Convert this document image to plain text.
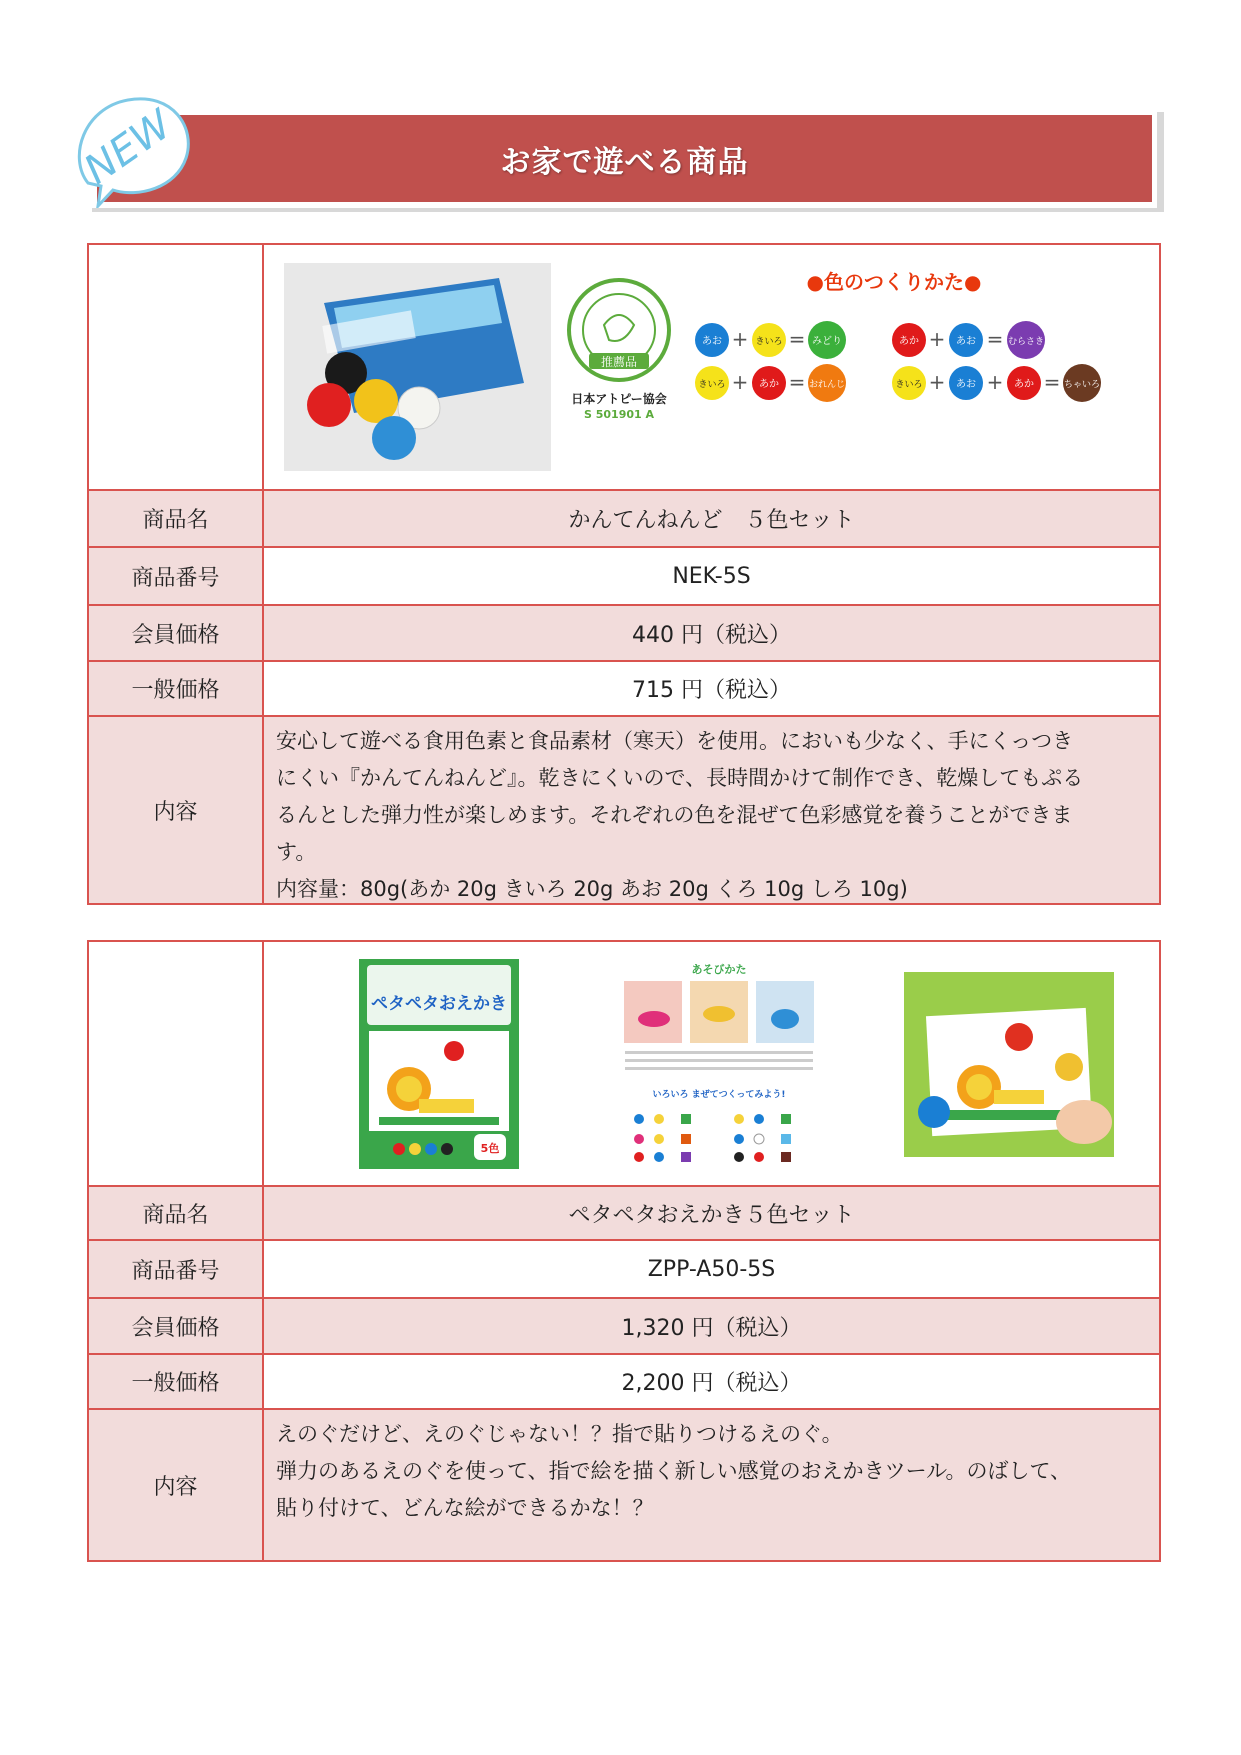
お家で遊べる商品
NEW
推薦品
日本アトピー協会
S 501901 A
●色のつくりかた●
あお + きいろ = みどり
きいろ + あか = おれんじ
あか + あお = むらさき
きいろ + あお + あか = ちゃいろ
商品名	かんてんねんど　５色セット
商品番号	NEK-5S
会員価格	440 円（税込）
一般価格	715 円（税込）
内容
安心して遊べる食用色素と食品素材（寒天）を使用。においも少なく、手にくっつき
にくい『かんてんねんど』。乾きにくいので、長時間かけて制作でき、乾燥してもぷる
るんとした弾力性が楽しめます。それぞれの色を混ぜて色彩感覚を養うことができま
す。
内容量：80g(あか 20g きいろ 20g あお 20g くろ 10g しろ 10g)
ペタペタおえかき
5色
あそびかた
いろいろ まぜてつくってみよう!
商品名	ペタペタおえかき５色セット
商品番号	ZPP-A50-5S
会員価格	1,320 円（税込）
一般価格	2,200 円（税込）
内容
えのぐだけど、えのぐじゃない！？指で貼りつけるえのぐ。
弾力のあるえのぐを使って、指で絵を描く新しい感覚のおえかきツール。のばして、
貼り付けて、どんな絵ができるかな！？
